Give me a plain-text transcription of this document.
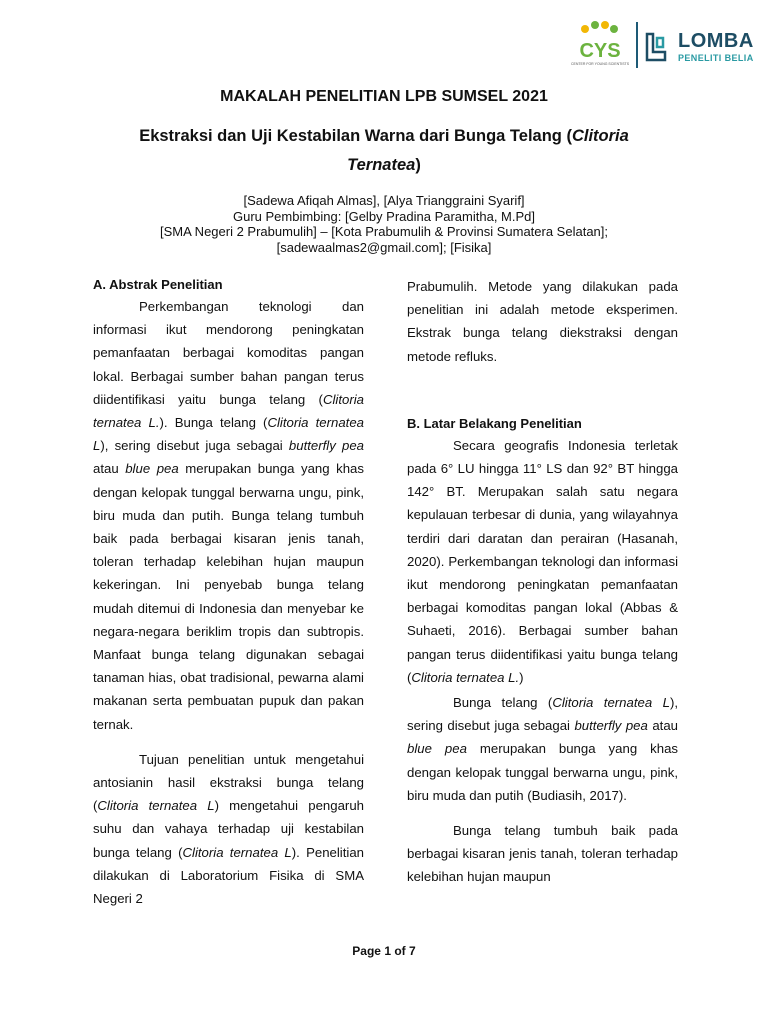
CYS
CENTER FOR YOUNG SCIENTISTS
LOMBA
PENELITI BELIA
MAKALAH PENELITIAN LPB SUMSEL 2021
Ekstraksi dan Uji Kestabilan Warna dari Bunga Telang (Clitoria
Ternatea)
[Sadewa Afiqah Almas], [Alya Trianggraini Syarif]
Guru Pembimbing: [Gelby Pradina Paramitha, M.Pd]
[SMA Negeri 2 Prabumulih] – [Kota Prabumulih & Provinsi Sumatera Selatan];
[sadewaalmas2@gmail.com]; [Fisika]
A. Abstrak Penelitian

Perkembangan teknologi dan informasi ikut mendorong peningkatan pemanfaatan berbagai komoditas pangan lokal. Berbagai sumber bahan pangan terus diidentifikasi yaitu bunga telang (Clitoria ternatea L.). Bunga telang (Clitoria ternatea L), sering disebut juga sebagai butterfly pea atau blue pea merupakan bunga yang khas dengan kelopak tunggal berwarna ungu, pink, biru muda dan putih. Bunga telang tumbuh baik pada berbagai kisaran jenis tanah, toleran terhadap kelebihan hujan maupun kekeringan. Ini penyebab bunga telang mudah ditemui di Indonesia dan menyebar ke negara-negara beriklim tropis dan subtropis. Manfaat bunga telang digunakan sebagai tanaman hias, obat tradisional, pewarna alami makanan serta pembuatan pupuk dan pakan ternak.

Tujuan penelitian untuk mengetahui antosianin hasil ekstraksi bunga telang (Clitoria ternatea L) mengetahui pengaruh suhu dan vahaya terhadap uji kestabilan bunga telang (Clitoria ternatea L). Penelitian dilakukan di Laboratorium Fisika di SMA Negeri 2

Prabumulih. Metode yang dilakukan pada penelitian ini adalah metode eksperimen. Ekstrak bunga telang diekstraksi dengan metode refluks.

B. Latar Belakang Penelitian

Secara geografis Indonesia terletak pada 6° LU hingga 11° LS dan 92° BT hingga 142° BT. Merupakan salah satu negara kepulauan terbesar di dunia, yang wilayahnya terdiri dari daratan dan perairan (Hasanah, 2020). Perkembangan teknologi dan informasi ikut mendorong peningkatan pemanfaatan berbagai komoditas pangan lokal (Abbas & Suhaeti, 2016). Berbagai sumber bahan pangan terus diidentifikasi yaitu bunga telang (Clitoria ternatea L.)

Bunga telang (Clitoria ternatea L), sering disebut juga sebagai butterfly pea atau blue pea merupakan bunga yang khas dengan kelopak tunggal berwarna ungu, pink, biru muda dan putih (Budiasih, 2017).

Bunga telang tumbuh baik pada berbagai kisaran jenis tanah, toleran terhadap kelebihan hujan maupun

Page 1 of 7
